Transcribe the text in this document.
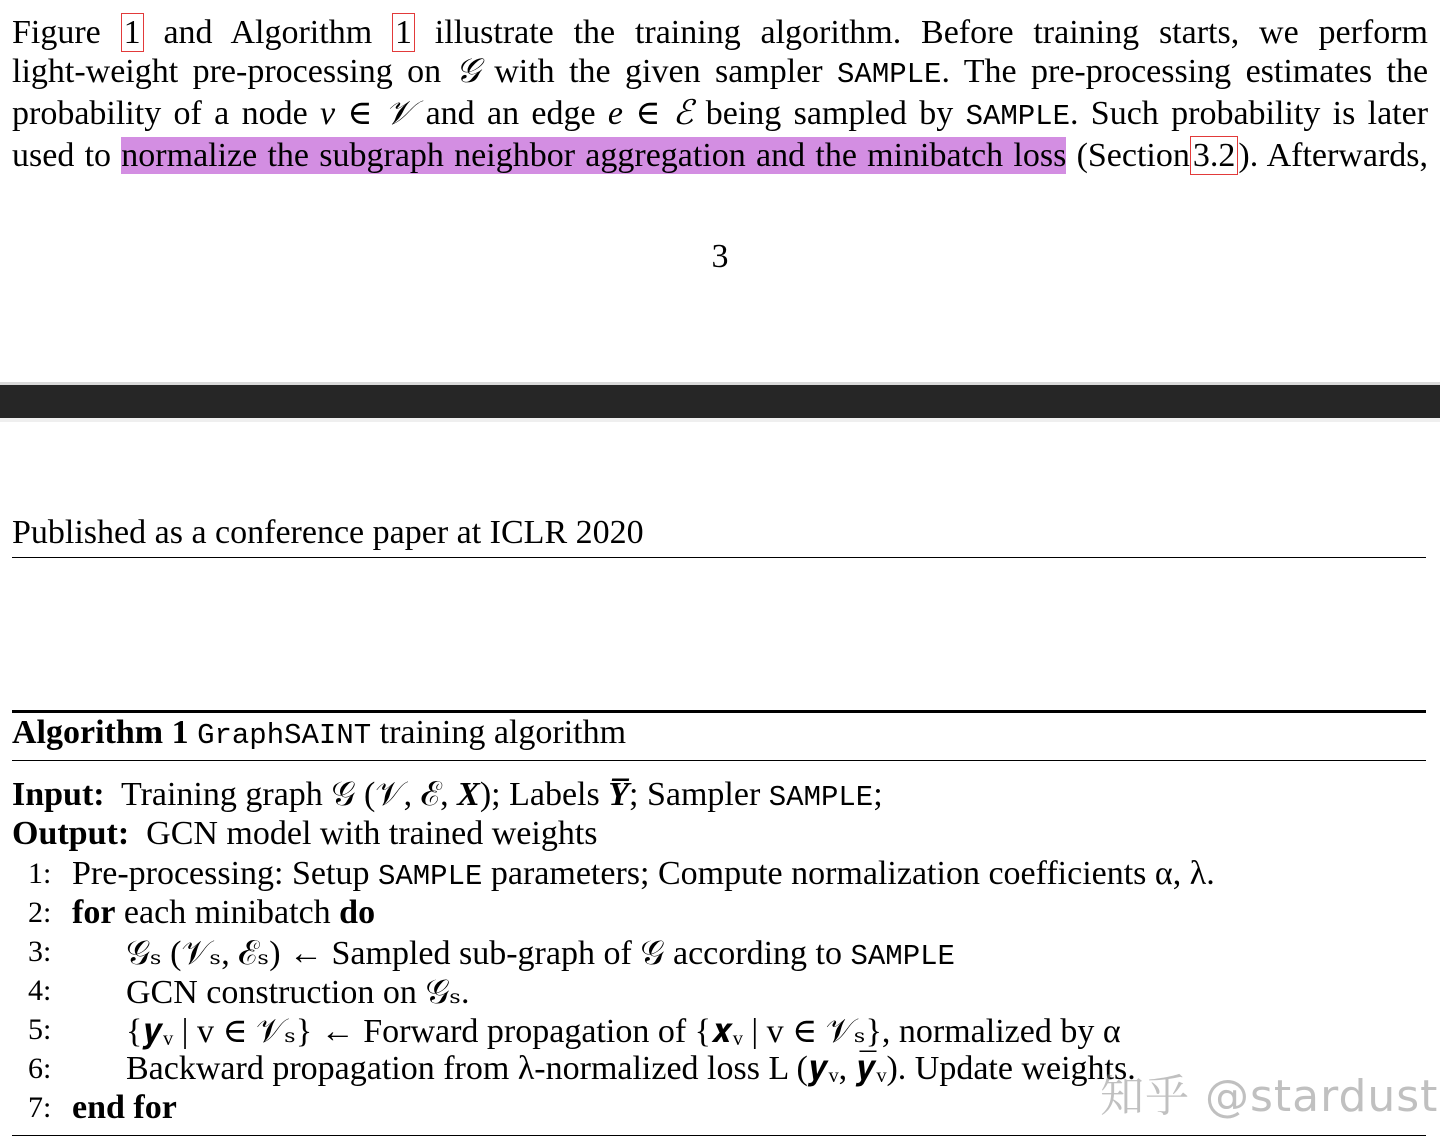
Figure 1 and Algorithm 1 illustrate the training algorithm. Before training starts, we perform
light-weight pre-processing on 𝒢 with the given sampler SAMPLE. The pre-processing estimates the
probability of a node v ∈ 𝒱 and an edge e ∈ ℰ being sampled by SAMPLE. Such probability is later
used to normalize the subgraph neighbor aggregation and the minibatch loss (Section3.2). Afterwards,
3
Published as a conference paper at ICLR 2020
Algorithm 1 GraphSAINT training algorithm
Input: Training graph 𝒢 (𝒱, ℰ, X); Labels Y̅; Sampler SAMPLE;
Output: GCN model with trained weights
1: Pre-processing: Setup SAMPLE parameters; Compute normalization coefficients α, λ.
2: for each minibatch do
3: 𝒢ₛ (𝒱ₛ, ℰₛ) ← Sampled sub-graph of 𝒢 according to SAMPLE
4: GCN construction on 𝒢ₛ.
5: {𝒚ᵥ | v ∈ 𝒱ₛ} ← Forward propagation of {𝒙ᵥ | v ∈ 𝒱ₛ}, normalized by α
6: Backward propagation from λ-normalized loss L (𝒚ᵥ, 𝒚̅ᵥ). Update weights.
7: end for	知乎 @stardust
